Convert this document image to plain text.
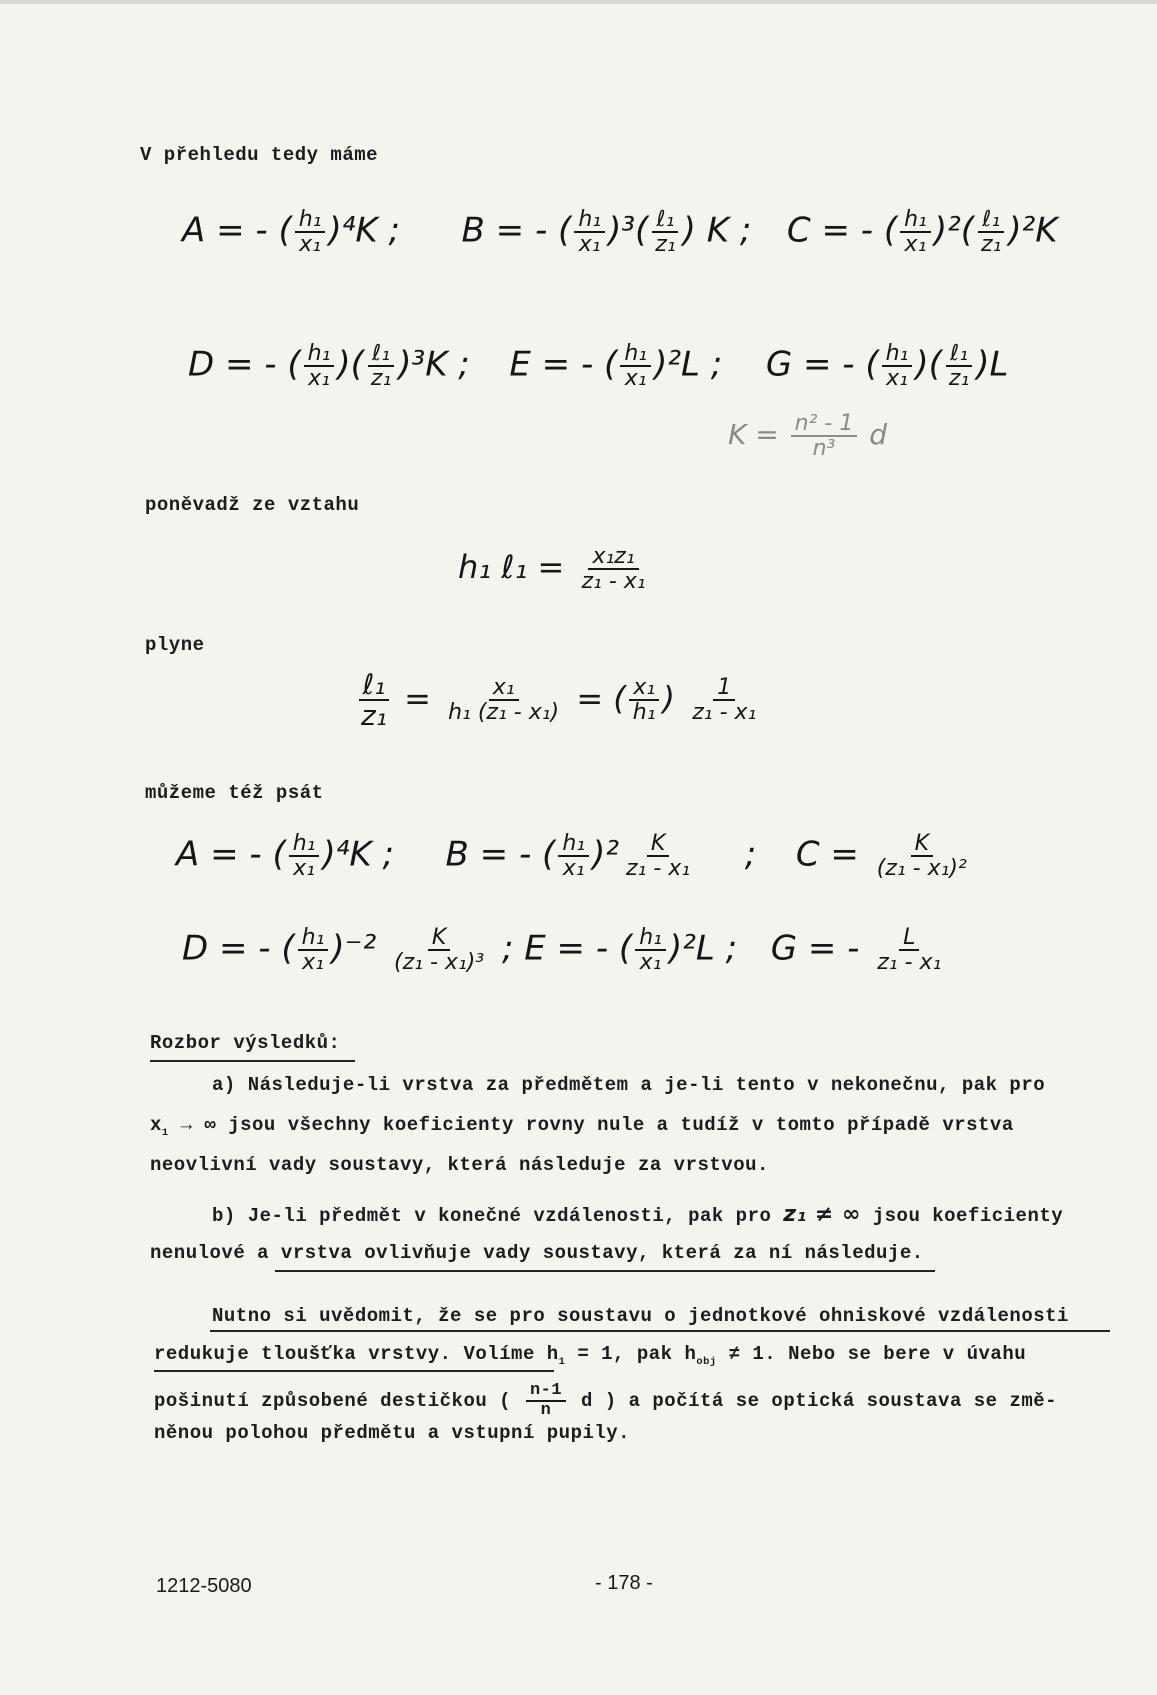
V přehledu tedy máme
A = - ( $\frac{\text{h₁}}{\text{x₁}} )^4K$ ; B = - ( $\frac{\text{h₁}}{\text{x₁}} )^3( \frac{\text{ℓ₁}}{\text{z₁}}$ ) K ; C = - ( $\frac{\text{h₁}}{\text{x₁}} )^2( \frac{\text{ℓ₁}}{\text{z₁}} )^2K$
D = - ( $\frac{\text{h₁}}{\text{x₁}}$ )( $\frac{\text{ℓ₁}}{\text{z₁}} )^3K$ ; E = - ( $\frac{\text{h₁}}{\text{x₁}} )^2L$ ; G = - ( $\frac{\text{h₁}}{\text{x₁}}$ )( $\frac{\text{ℓ₁}}{\text{z₁}} )L$
$K = \frac{\text{n² - 1}}{\text{n³}}$ d
poněvadž ze vztahu
h₁ ℓ₁ = $\frac{\text{x₁z₁}}{\text{z₁ - x₁}}$
plyne
$\frac{\text{ℓ₁}}{\text{z₁}} = \frac{\text{x₁}}{\text{h₁ (z₁ - x₁)}}$ = ( $\frac{\text{x₁}}{\text{h₁}}$ ) $\frac{1}{\text{z₁ - x₁}}$
můžeme též psát
A = - ( $\frac{\text{h₁}}{\text{x₁}} )^4K$ ; B = - ( $\frac{\text{h₁}}{\text{x₁}} )^2 \frac{K}{\text{z₁ - x₁}}$ ; $C = \frac{K}{\text{(z₁ - x₁)²}}$
D = - ( $\frac{\text{h₁}}{\text{x₁}} )^{-2} \frac{K}{\text{(z₁ - x₁)³}}$ ; E = - ( $\frac{\text{h₁}}{\text{x₁}} )^2L$ ; G = - $\frac{L}{\text{z₁ - x₁}}$
Rozbor výsledků:
a) Následuje-li vrstva za předmětem a je-li tento v nekonečnu, pak pro
$x_1$ → ∞ jsou všechny koeficienty rovny nule a tudíž v tomto případě vrstva
neovlivní vady soustavy, která následuje za vrstvou.
b) Je-li předmět v konečné vzdálenosti, pak pro z₁ ≠ ∞ jsou koeficienty
nenulové a vrstva ovlivňuje vady soustavy, která za ní následuje.
Nutno si uvědomit, že se pro soustavu o jednotkové ohniskové vzdálenosti
redukuje tloušťka vrstvy. Volíme $h_1 = 1$, pak $h_{obj} \ne 1$. Nebo se bere v úvahu
pošinutí způsobené destičkou ( $\frac{n-1}{n}$ d ) a počítá se optická soustava se změ-
něnou polohou předmětu a vstupní pupily.
1212-5080	- 178 -
